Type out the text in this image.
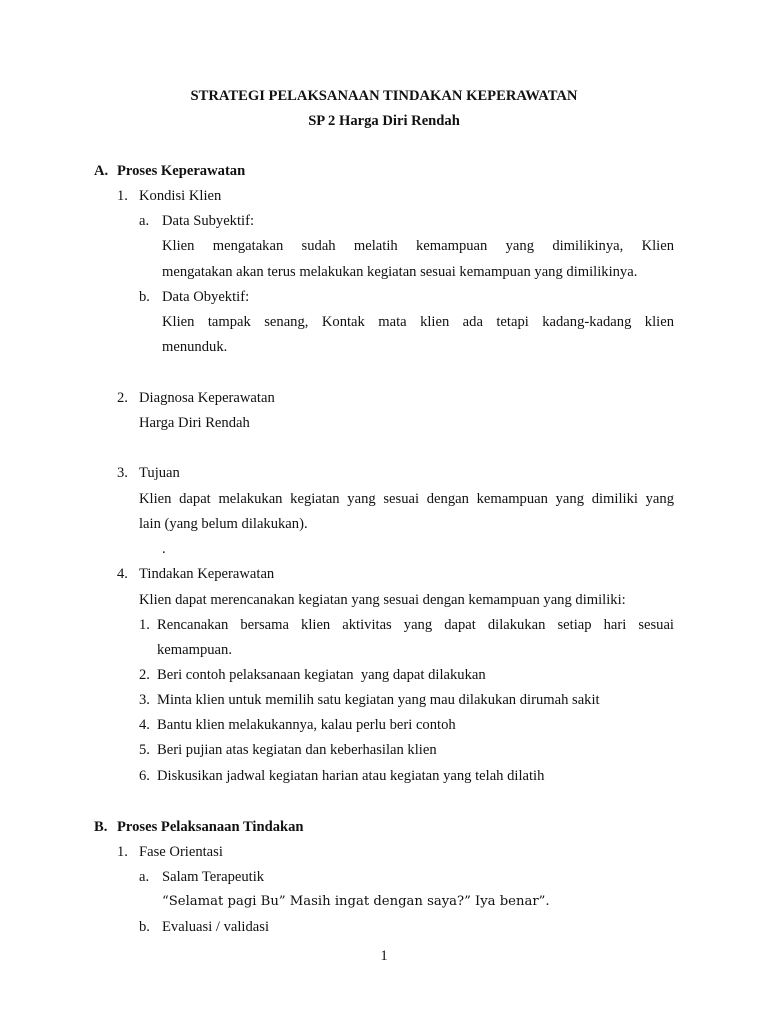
STRATEGI PELAKSANAAN TINDAKAN KEPERAWATAN
SP 2 Harga Diri Rendah
A. Proses Keperawatan
1. Kondisi Klien
a. Data Subyektif:
Klien mengatakan sudah melatih kemampuan yang dimilikinya, Klien
mengatakan akan terus melakukan kegiatan sesuai kemampuan yang dimilikinya.
b. Data Obyektif:
Klien tampak senang, Kontak mata klien ada tetapi kadang-kadang klien
menunduk.
2. Diagnosa Keperawatan
Harga Diri Rendah
3. Tujuan
Klien dapat melakukan kegiatan yang sesuai dengan kemampuan yang dimiliki yang
lain (yang belum dilakukan).
.
4. Tindakan Keperawatan
Klien dapat merencanakan kegiatan yang sesuai dengan kemampuan yang dimiliki:
1. Rencanakan bersama klien aktivitas yang dapat dilakukan setiap hari sesuai
kemampuan.
2. Beri contoh pelaksanaan kegiatan  yang dapat dilakukan
3. Minta klien untuk memilih satu kegiatan yang mau dilakukan dirumah sakit
4. Bantu klien melakukannya, kalau perlu beri contoh
5. Beri pujian atas kegiatan dan keberhasilan klien
6. Diskusikan jadwal kegiatan harian atau kegiatan yang telah dilatih
B. Proses Pelaksanaan Tindakan
1. Fase Orientasi
a. Salam Terapeutik
“Selamat pagi Bu” Masih ingat dengan saya?” Iya benar”.
b. Evaluasi / validasi
1
